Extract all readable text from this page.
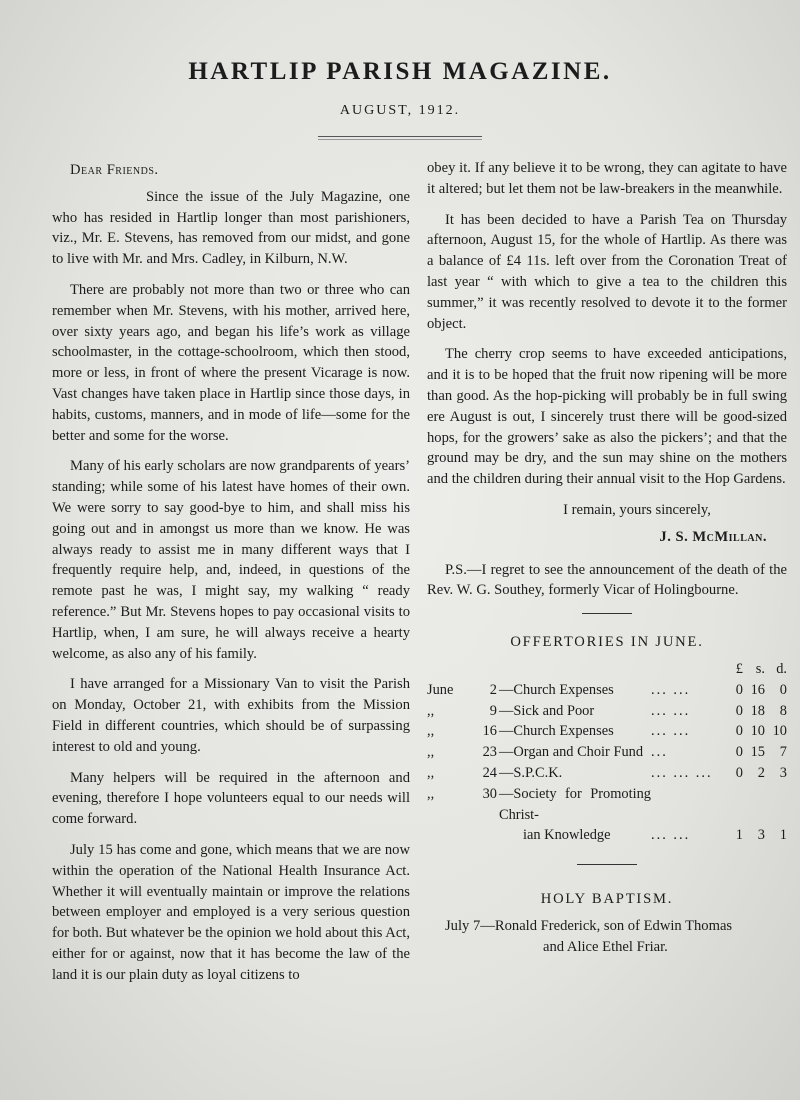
HARTLIP PARISH MAGAZINE.
AUGUST, 1912.
Dear Friends.

Since the issue of the July Magazine, one who has resided in Hartlip longer than most parishioners, viz., Mr. E. Stevens, has removed from our midst, and gone to live with Mr. and Mrs. Cadley, in Kilburn, N.W.

There are probably not more than two or three who can remember when Mr. Stevens, with his mother, arrived here, over sixty years ago, and began his life’s work as village schoolmaster, in the cottage-schoolroom, which then stood, more or less, in front of where the present Vicarage is now. Vast changes have taken place in Hartlip since those days, in habits, customs, manners, and in mode of life—some for the better and some for the worse.

Many of his early scholars are now grandparents of years’ standing; while some of his latest have homes of their own. We were sorry to say good-bye to him, and shall miss his going out and in amongst us more than we know. He was always ready to assist me in many different ways that I frequently require help, and, indeed, in questions of the remote past he was, I might say, my walking “ ready reference.” But Mr. Stevens hopes to pay occasional visits to Hartlip, when, I am sure, he will always receive a hearty welcome, as also any of his family.

I have arranged for a Missionary Van to visit the Parish on Monday, October 21, with exhibits from the Mission Field in different countries, which should be of surpassing interest to old and young.

Many helpers will be required in the afternoon and evening, therefore I hope volunteers equal to our needs will come forward.

July 15 has come and gone, which means that we are now within the operation of the National Health Insurance Act. Whether it will eventually maintain or improve the relations between employer and employed is a very serious question for both. But whatever be the opinion we hold about this Act, either for or against, now that it has become the law of the land it is our plain duty as loyal citizens to

obey it. If any believe it to be wrong, they can agitate to have it altered; but let them not be law-breakers in the meanwhile.

It has been decided to have a Parish Tea on Thursday afternoon, August 15, for the whole of Hartlip. As there was a balance of £4 11s. left over from the Coronation Treat of last year “ with which to give a tea to the children this summer,” it was recently resolved to devote it to the former object.

The cherry crop seems to have exceeded anticipations, and it is to be hoped that the fruit now ripening will be more than good. As the hop-picking will probably be in full swing ere August is out, I sincerely trust there will be good-sized hops, for the growers’ sake as also the pickers’; and that the ground may be dry, and the sun may shine on the mothers and the children during their annual visit to the Hop Gardens.

I remain, yours sincerely,
J. S. McMillan.

P.S.—I regret to see the announcement of the death of the Rev. W. G. Southey, formerly Vicar of Holingbourne.

OFFERTORIES IN JUNE.
				£	s.	d.
June	2	—Church Expenses	... ...	0	16	0
,,	9	—Sick and Poor	... ...	0	18	8
,,	16	—Church Expenses	... ...	0	10	10
,,	23	—Organ and Choir Fund	...	0	15	7
,,	24	—S.P.C.K.	... ... ...	0	2	3
,,	30	—Society for Promoting Christ-				
		ian Knowledge	... ...	1	3	1
HOLY BAPTISM.

July 7—Ronald Frederick, son of Edwin Thomas
and Alice Ethel Friar.
